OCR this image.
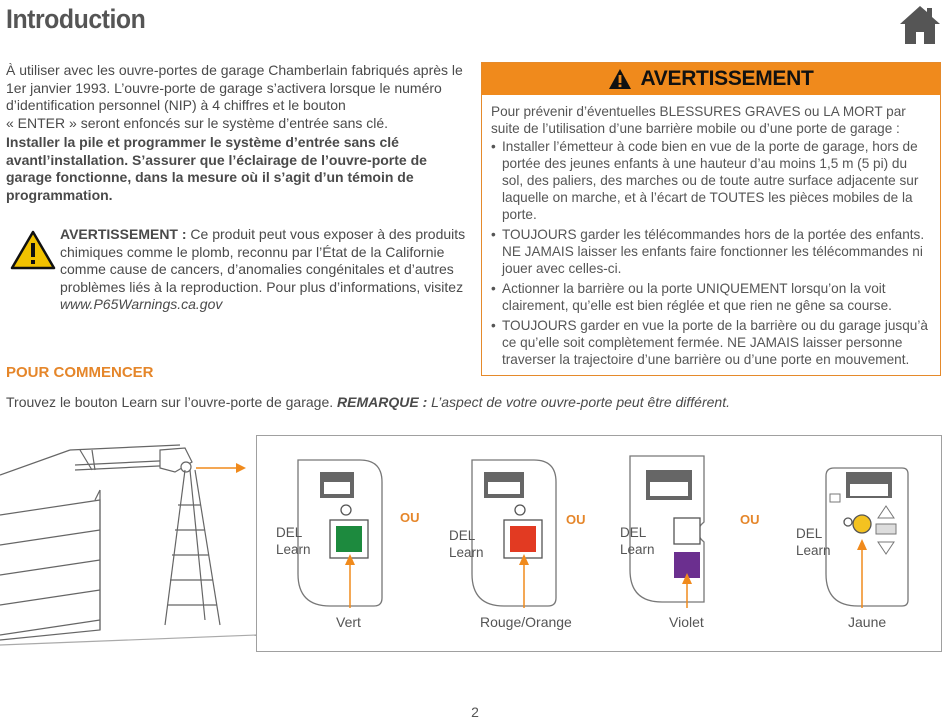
Introduction

À utiliser avec les ouvre-portes de garage Chamberlain fabriqués après le

1er janvier 1993. L’ouvre-porte de garage s’activera lorsque le numéro

d’identification personnel (NIP) à 4 chiffres et le bouton

« ENTER » seront enfoncés sur le système d’entrée sans clé.

Installer la pile et programmer le système d’entrée sans clé

avantl’installation. S’assurer que l’éclairage de l’ouvre-porte de

garage fonctionne, dans la mesure où il s’agit d’un témoin de

programmation.

AVERTISSEMENT : Ce produit peut vous exposer à des produits
chimiques comme le plomb, reconnu par l’État de la Californie
comme cause de cancers, d’anomalies congénitales et d’autres
problèmes liés à la reproduction. Pour plus d’informations, visitez
www.P65Warnings.ca.gov
AVERTISSEMENT

Pour prévenir d’éventuelles BLESSURES GRAVES ou LA MORT par

suite de l’utilisation d’une barrière mobile ou d’une porte de garage :

• Installer l’émetteur à code bien en vue de la porte de garage, hors de
portée des jeunes enfants à une hauteur d’au moins 1,5 m (5 pi) du
sol, des paliers, des marches ou de toute autre surface adjacente sur
laquelle on marche, et à l’écart de TOUTES les pièces mobiles de la
porte.
• TOUJOURS garder les télécommandes hors de la portée des enfants.
NE JAMAIS laisser les enfants faire fonctionner les télécommandes ni
jouer avec celles-ci.
• Actionner la barrière ou la porte UNIQUEMENT lorsqu’on la voit
clairement, qu’elle est bien réglée et que rien ne gêne sa course.
• TOUJOURS garder en vue la porte de la barrière ou du garage jusqu’à
ce qu’elle soit complètement fermée. NE JAMAIS laisser personne
traverser la trajectoire d’une barrière ou d’une porte en mouvement.
POUR COMMENCER
Trouvez le bouton Learn sur l’ouvre-porte de garage. REMARQUE : L’aspect de votre ouvre-porte peut être différent.
DEL
Learn
DEL
Learn
DEL
Learn
DEL
Learn
OU	OU	OU
Vert	Rouge/Orange	Violet	Jaune
2
